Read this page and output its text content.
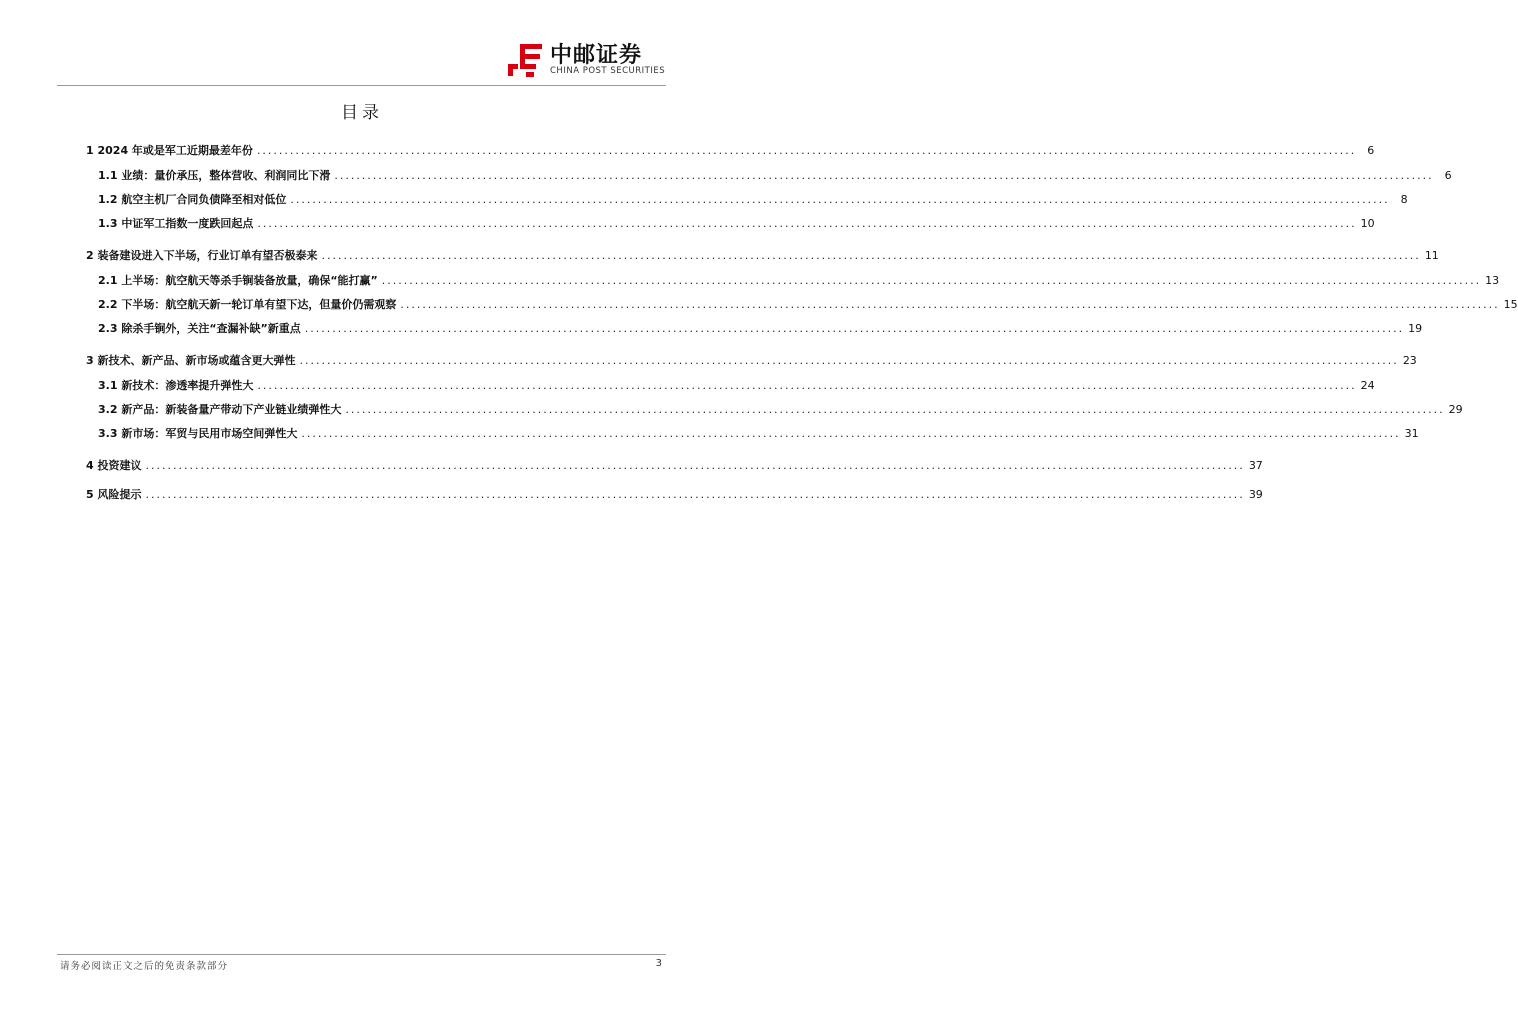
中邮证券
CHINA POST SECURITIES
目录
1 2024 年或是军工近期最差年份 ........................................................................................................................................................................................................	6
1.1 业绩：量价承压，整体营收、利润同比下滑 ........................................................................................................................................................................................................	6
1.2 航空主机厂合同负债降至相对低位 ........................................................................................................................................................................................................	8
1.3 中证军工指数一度跌回起点 ........................................................................................................................................................................................................ 10
2 装备建设进入下半场，行业订单有望否极泰来 ........................................................................................................................................................................................................ 11
2.1 上半场：航空航天等杀手锏装备放量，确保“能打赢” ........................................................................................................................................................................................................ 13
2.2 下半场：航空航天新一轮订单有望下达，但量价仍需观察 ........................................................................................................................................................................................................ 15
2.3 除杀手锏外，关注“查漏补缺”新重点 ........................................................................................................................................................................................................ 19
3 新技术、新产品、新市场或蕴含更大弹性 ........................................................................................................................................................................................................ 23
3.1 新技术：渗透率提升弹性大 ........................................................................................................................................................................................................ 24
3.2 新产品：新装备量产带动下产业链业绩弹性大 ........................................................................................................................................................................................................ 29
3.3 新市场：军贸与民用市场空间弹性大 ........................................................................................................................................................................................................ 31
4 投资建议 ........................................................................................................................................................................................................ 37
5 风险提示 ........................................................................................................................................................................................................ 39
请务必阅读正文之后的免责条款部分	3
